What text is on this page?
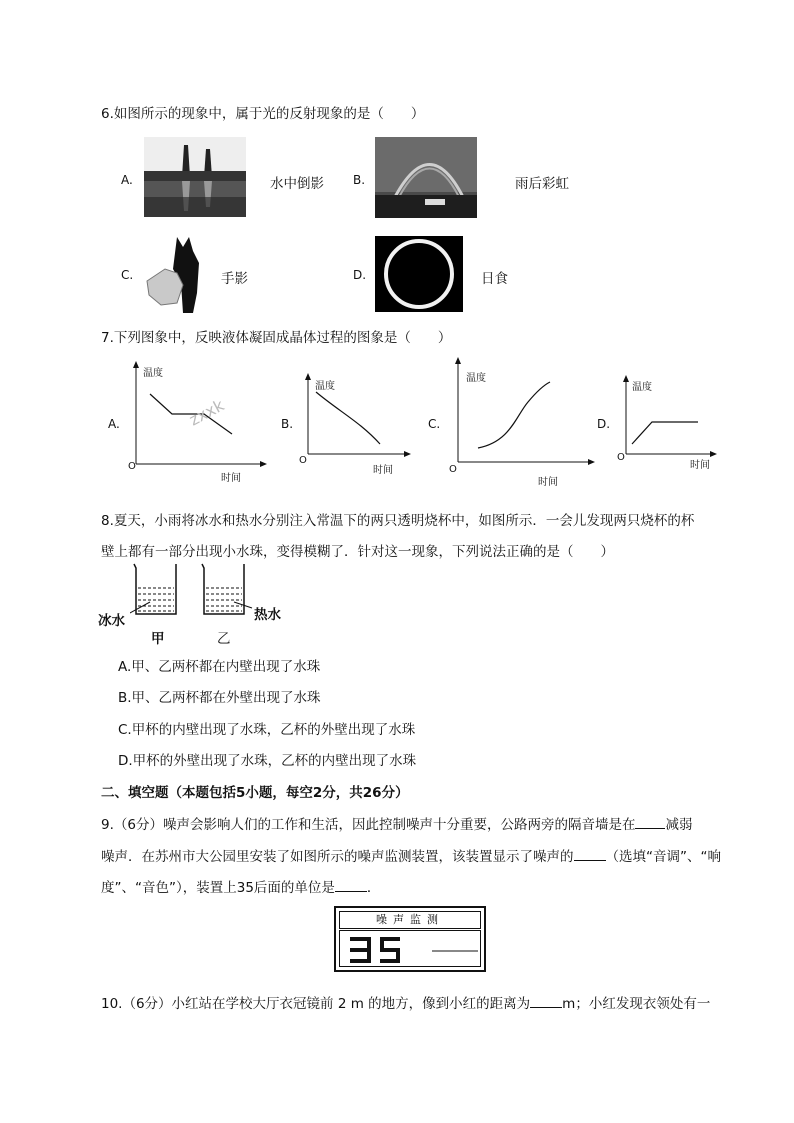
6.如图所示的现象中，属于光的反射现象的是（　　）
A.	水中倒影 B.	雨后彩虹
C.	手影	D.	日食
7.下列图象中，反映液体凝固成晶体过程的图象是（　　）
A.	zxxk
温度
时间
O
B.
温度
时间
O
C.
温度
时间
O
D.
温度
时间
O
8.夏天，小雨将冰水和热水分别注入常温下的两只透明烧杯中，如图所示．一会儿发现两只烧杯的杯
壁上都有一部分出现小水珠，变得模糊了．针对这一现象，下列说法正确的是（　　）
冰水	热水
甲	乙
A.甲、乙两杯都在内壁出现了水珠
B.甲、乙两杯都在外壁出现了水珠
C.甲杯的内壁出现了水珠，乙杯的外壁出现了水珠
D.甲杯的外壁出现了水珠，乙杯的内壁出现了水珠
二、填空题（本题包括5小题，每空2分，共26分）
9.（6分）噪声会影响人们的工作和生活，因此控制噪声十分重要，公路两旁的隔音墙是在 减弱
噪声．在苏州市大公园里安装了如图所示的噪声监测装置，该装置显示了噪声的 （选填“音调”、“响
度”、“音色”），装置上35后面的单位是 ．
噪声监测
10.（6分）小红站在学校大厅衣冠镜前 2 m 的地方，像到小红的距离为 m；小红发现衣领处有一
